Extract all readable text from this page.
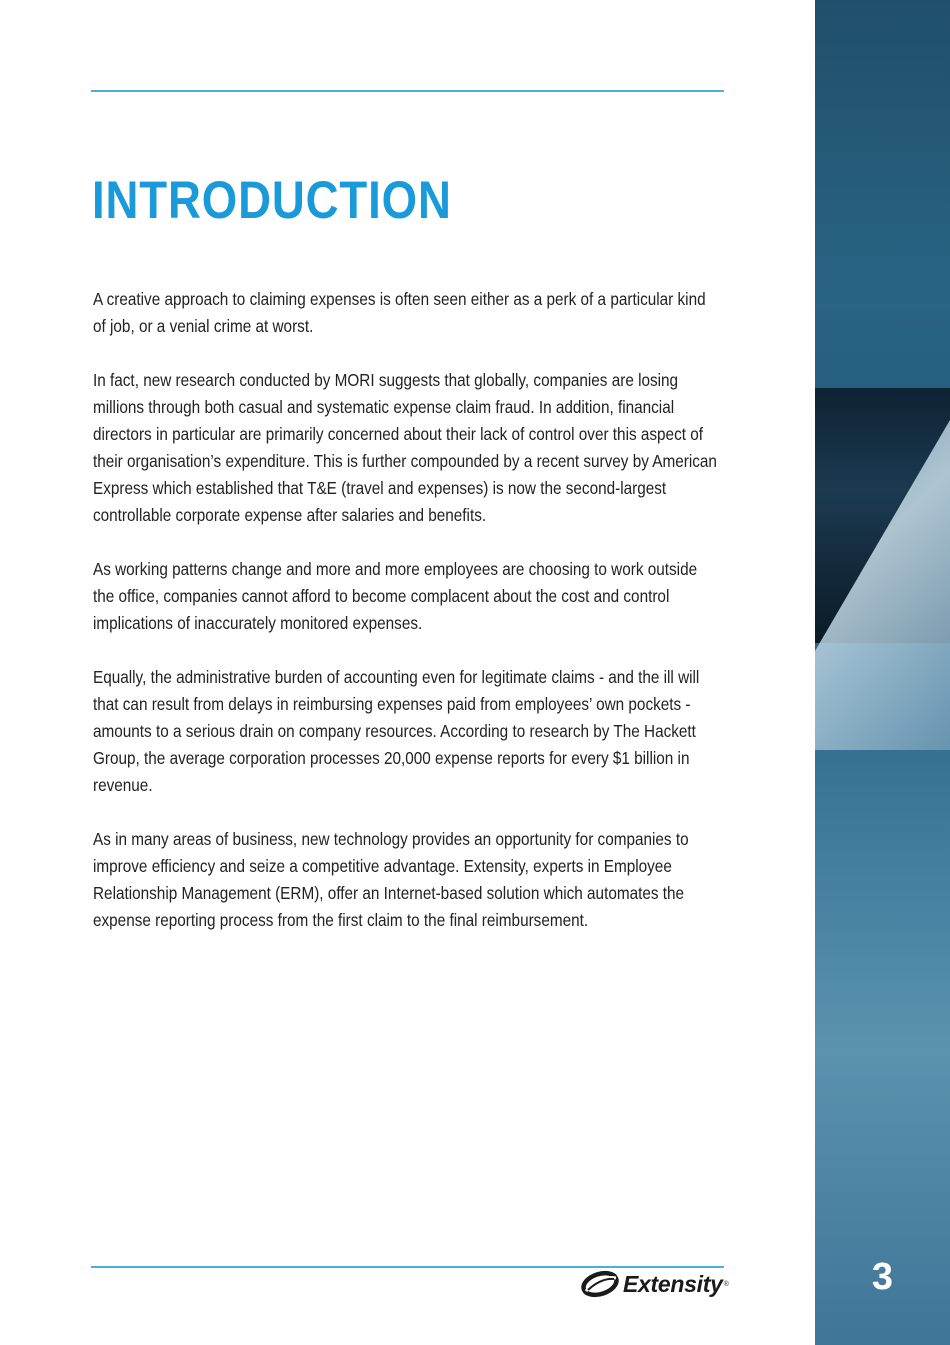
INTRODUCTION

A creative approach to claiming expenses is often seen either as a perk of a particular kind of job, or a venial crime at worst.

In fact, new research conducted by MORI suggests that globally, companies are losing millions through both casual and systematic expense claim fraud. In addition, financial directors in particular are primarily concerned about their lack of control over this aspect of their organisation’s expenditure. This is further compounded by a recent survey by American Express which established that T&E (travel and expenses) is now the second-largest controllable corporate expense after salaries and benefits.

As working patterns change and more and more employees are choosing to work outside the office, companies cannot afford to become complacent about the cost and control implications of inaccurately monitored expenses.

Equally, the administrative burden of accounting even for legitimate claims - and the ill will that can result from delays in reimbursing expenses paid from employees’ own pockets - amounts to a serious drain on company resources. According to research by The Hackett Group, the average corporation processes 20,000 expense reports for every $1 billion in revenue.

As in many areas of business, new technology provides an opportunity for companies to improve efficiency and seize a competitive advantage. Extensity, experts in Employee Relationship Management (ERM), offer an Internet-based solution which automates the expense reporting process from the first claim to the final reimbursement.

Extensity ®	3
